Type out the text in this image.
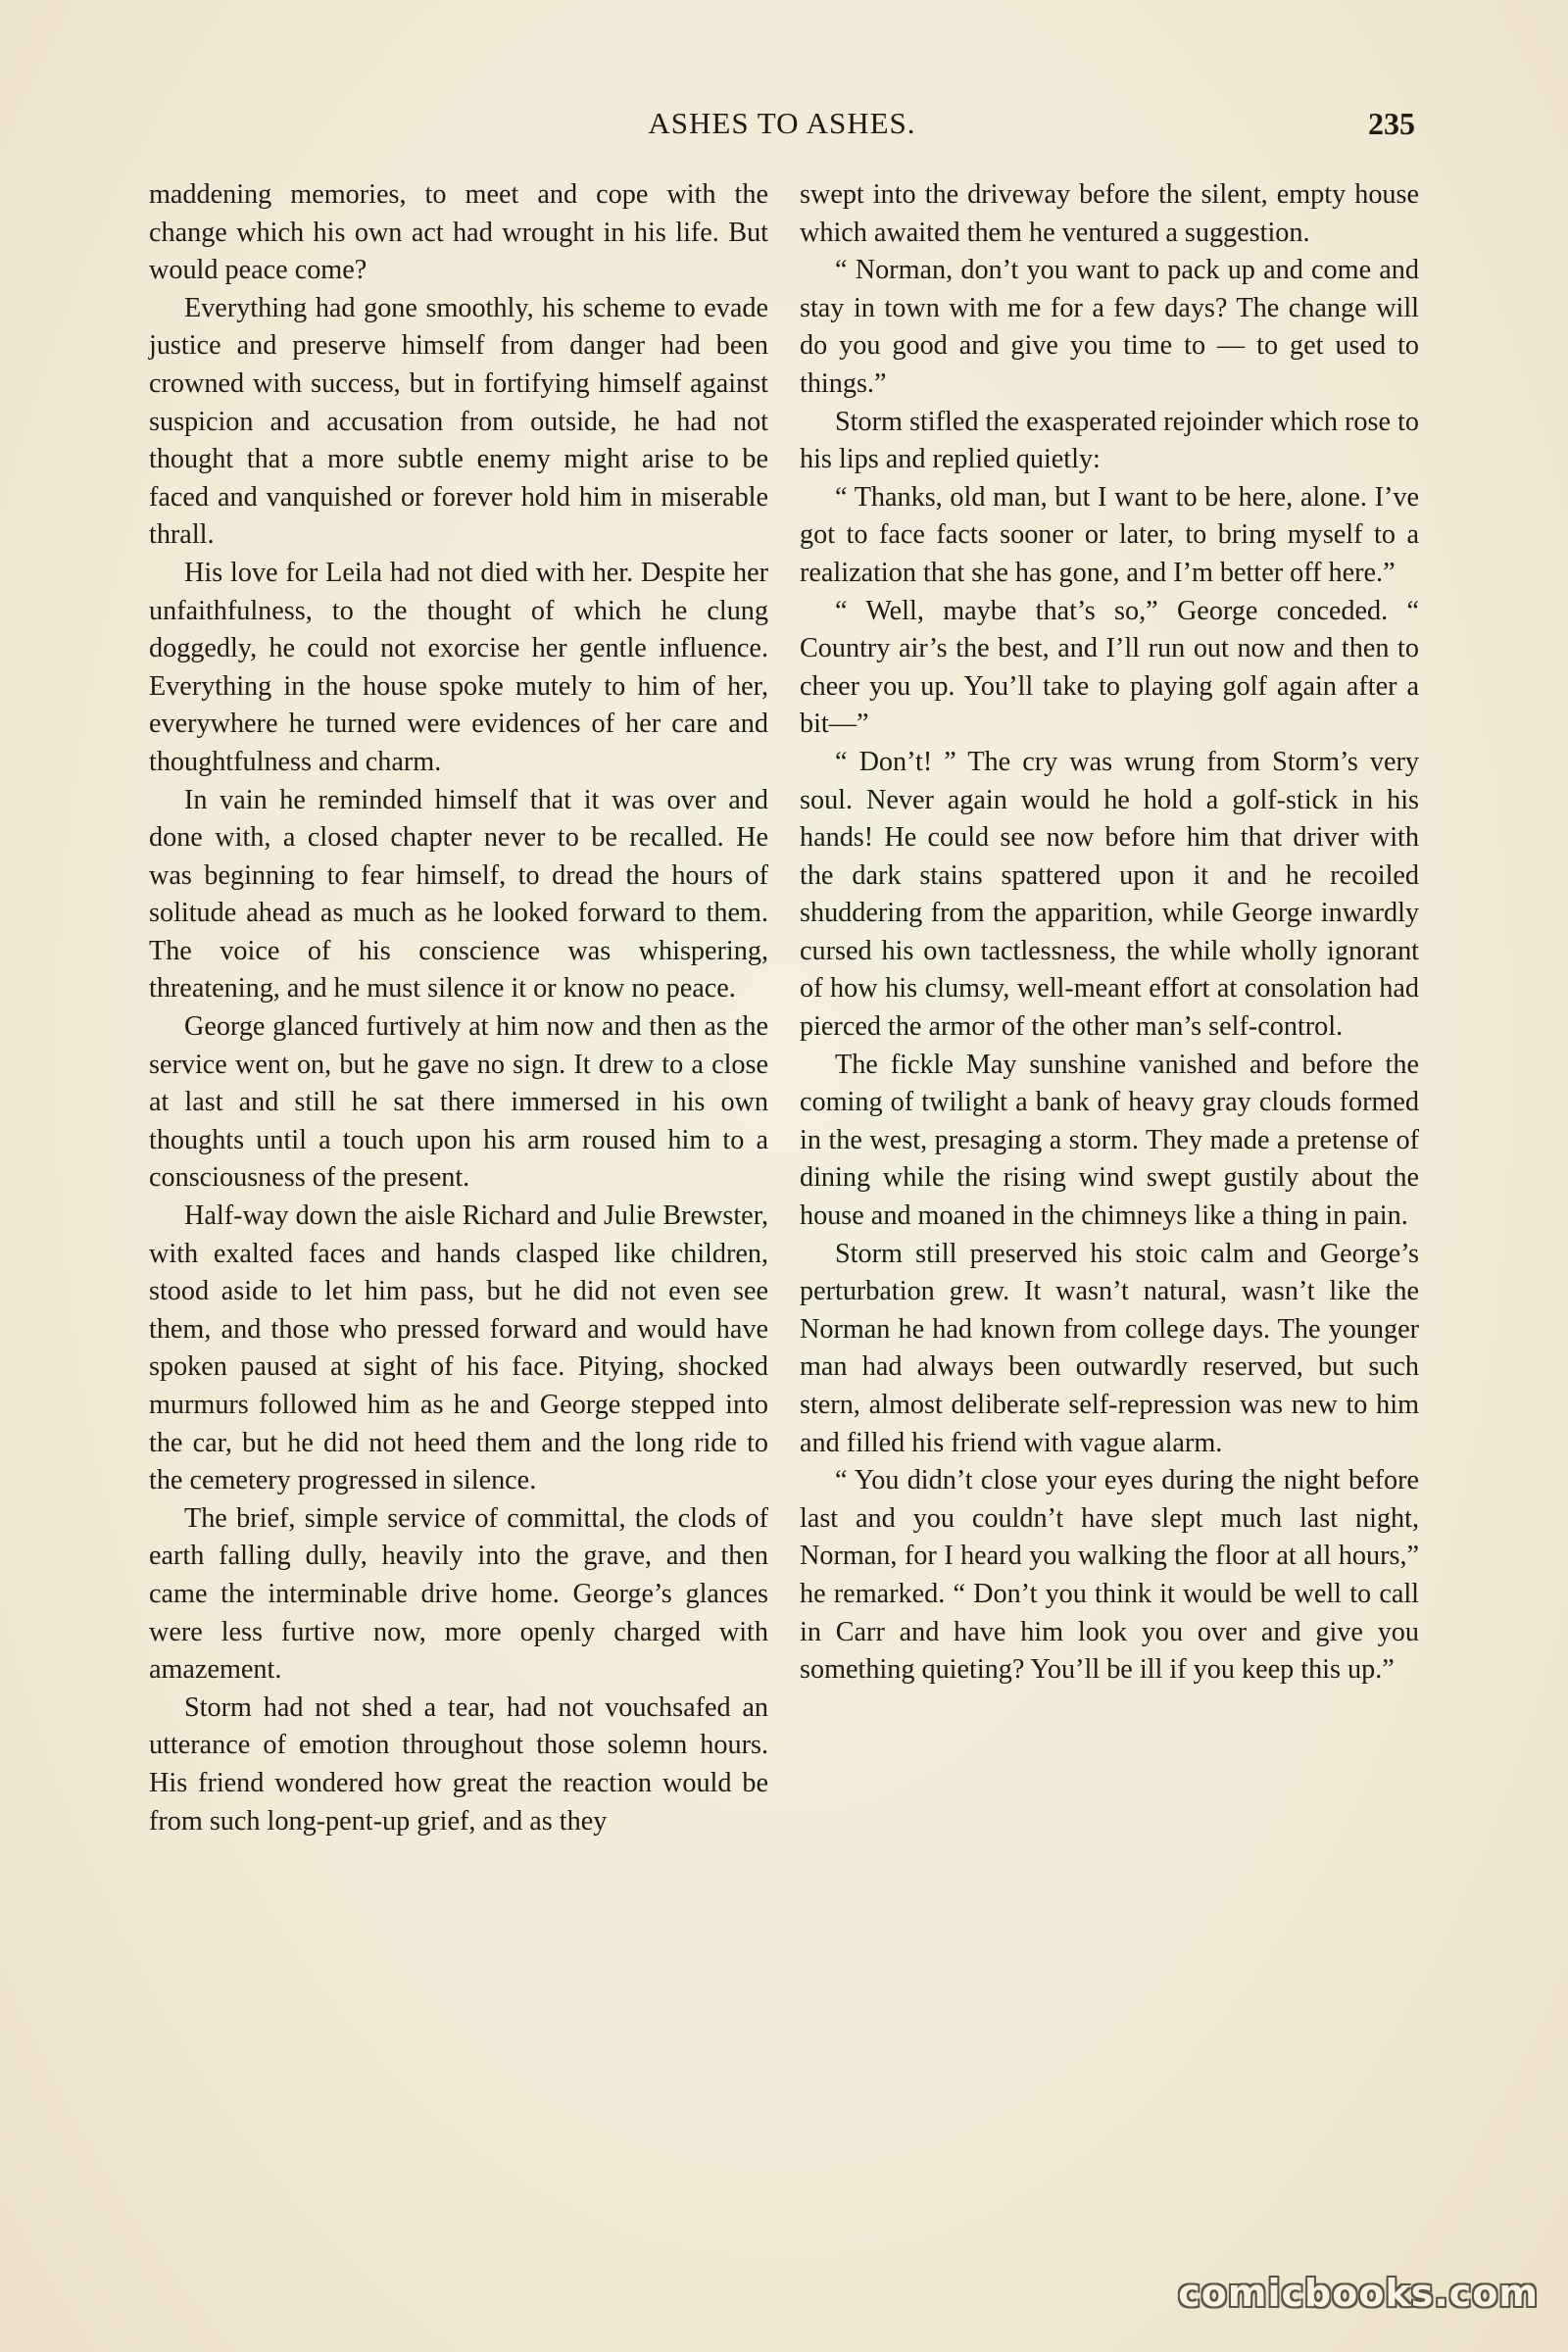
ASHES TO ASHES.	235

maddening memories, to meet and cope with the change which his own act had wrought in his life. But would peace come?

Everything had gone smoothly, his scheme to evade justice and preserve himself from danger had been crowned with success, but in fortifying himself against suspicion and accusation from outside, he had not thought that a more subtle enemy might arise to be faced and vanquished or forever hold him in miserable thrall.

His love for Leila had not died with her. Despite her unfaithfulness, to the thought of which he clung doggedly, he could not exorcise her gentle influence. Everything in the house spoke mutely to him of her, everywhere he turned were evidences of her care and thoughtfulness and charm.

In vain he reminded himself that it was over and done with, a closed chapter never to be recalled. He was beginning to fear himself, to dread the hours of solitude ahead as much as he looked forward to them. The voice of his conscience was whispering, threatening, and he must silence it or know no peace.

George glanced furtively at him now and then as the service went on, but he gave no sign. It drew to a close at last and still he sat there immersed in his own thoughts until a touch upon his arm roused him to a consciousness of the present.

Half-way down the aisle Richard and Julie Brewster, with exalted faces and hands clasped like children, stood aside to let him pass, but he did not even see them, and those who pressed forward and would have spoken paused at sight of his face. Pitying, shocked murmurs followed him as he and George stepped into the car, but he did not heed them and the long ride to the cemetery progressed in silence.

The brief, simple service of committal, the clods of earth falling dully, heavily into the grave, and then came the interminable drive home. George’s glances were less furtive now, more openly charged with amazement.

Storm had not shed a tear, had not vouchsafed an utterance of emotion throughout those solemn hours. His friend wondered how great the reaction would be from such long-pent-up grief, and as they

swept into the driveway before the silent, empty house which awaited them he ventured a suggestion.

“ Norman, don’t you want to pack up and come and stay in town with me for a few days? The change will do you good and give you time to — to get used to things.”

Storm stifled the exasperated rejoinder which rose to his lips and replied quietly:

“ Thanks, old man, but I want to be here, alone. I’ve got to face facts sooner or later, to bring myself to a realization that she has gone, and I’m better off here.”

“ Well, maybe that’s so,” George conceded. “ Country air’s the best, and I’ll run out now and then to cheer you up. You’ll take to playing golf again after a bit—”

“ Don’t! ” The cry was wrung from Storm’s very soul. Never again would he hold a golf-stick in his hands! He could see now before him that driver with the dark stains spattered upon it and he recoiled shuddering from the apparition, while George inwardly cursed his own tactlessness, the while wholly ignorant of how his clumsy, well-meant effort at consolation had pierced the armor of the other man’s self-control.

The fickle May sunshine vanished and before the coming of twilight a bank of heavy gray clouds formed in the west, presaging a storm. They made a pretense of dining while the rising wind swept gustily about the house and moaned in the chimneys like a thing in pain.

Storm still preserved his stoic calm and George’s perturbation grew. It wasn’t natural, wasn’t like the Norman he had known from college days. The younger man had always been outwardly reserved, but such stern, almost deliberate self-repression was new to him and filled his friend with vague alarm.

“ You didn’t close your eyes during the night before last and you couldn’t have slept much last night, Norman, for I heard you walking the floor at all hours,” he remarked. “ Don’t you think it would be well to call in Carr and have him look you over and give you something quieting? You’ll be ill if you keep this up.”

comicbooks.com
